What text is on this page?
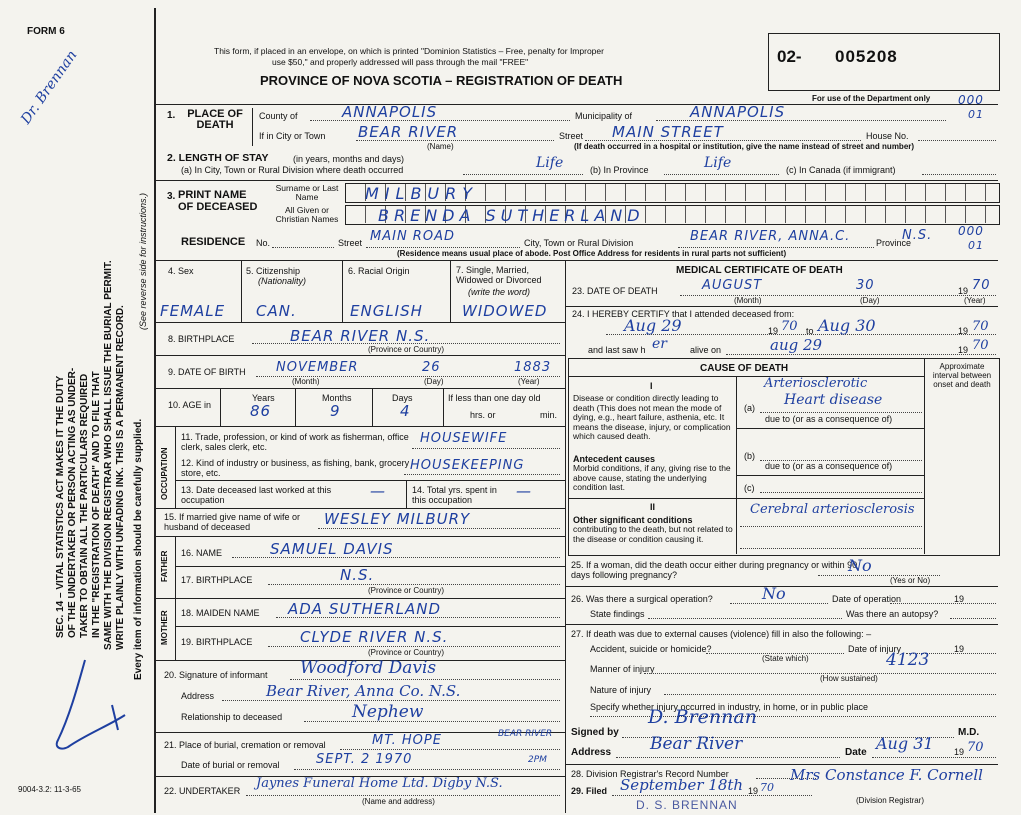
FORM 6
Dr. Brennan
SEC. 14 – VITAL STATISTICS ACT MAKES IT THE DUTY OF THE UNDERTAKER OR PERSON ACTING AS UNDER- TAKER TO OBTAIN ALL THE PARTICULARS REQUIRED IN THE "REGISTRATION OF DEATH" AND TO FILE THAT SAME WITH THE DIVISION REGISTRAR WHO SHALL ISSUE THE BURIAL PERMIT. WRITE PLAINLY WITH UNFADING INK. THIS IS A PERMANENT RECORD. Every item of information should be carefully supplied.
(See reverse side for instructions.)
9004-3.2: 11-3-65
This form, if placed in an envelope, on which is printed "Dominion Statistics – Free, penalty for Improper
use $50," and properly addressed will pass through the mail "FREE"
PROVINCE OF NOVA SCOTIA – REGISTRATION OF DEATH
02- 005208
For use of the Department only 000
01
1.	PLACE OF DEATH
County of	ANNAPOLIS	Municipality of	ANNAPOLIS
If in City or Town BEAR RIVER
(Name)
Street MAIN STREET	House No.
(If death occurred in a hospital or institution, give the name instead of street and number)
2. LENGTH OF STAY	(in years, months and days)
(a) In City, Town or Rural Division where death occurred	Life	(b) In Province	Life	(c) In Canada (if immigrant)
3. PRINT NAME OF DECEASED
Surname or Last Name
All Given or Christian Names
MILBURY
BRENDA SUTHERLAND
RESIDENCE No.	Street MAIN ROAD	City, Town or Rural Division	BEAR RIVER, ANNA.C.	Province
N.S. 000
01
(Residence means usual place of abode. Post Office Address for residents in rural parts not sufficient)
4. Sex	5. Citizenship
(Nationality)
6. Racial Origin	7. Single, Married, Widowed or Divorced
(write the word)
FEMALE CAN.	ENGLISH	WIDOWED
8. BIRTHPLACE	BEAR RIVER N.S.
(Province or Country)
9. DATE OF BIRTH NOVEMBER	26	1883
(Month)	(Day)	(Year)
10. AGE in
Years	Months	Days
86	9	4
If less than one day old
hrs. or	min.
OCCUPATION
11. Trade, profession, or kind of work as fisherman, office clerk, sales clerk, etc.
HOUSEWIFE
12. Kind of industry or business, as fishing, bank, grocery store, etc.	HOUSEKEEPING
13. Date deceased last worked at this occupation	—	14. Total yrs. spent in this occupation	—
15. If married give name of wife or husband of deceased	WESLEY MILBURY
FATHER 16. NAME	SAMUEL DAVIS
17. BIRTHPLACE	N.S.
(Province or Country)
MOTHER 18. MAIDEN NAME ADA SUTHERLAND
19. BIRTHPLACE	CLYDE RIVER N.S.
(Province or Country)
20. Signature of informant Woodford Davis
Address	Bear River, Anna Co. N.S.
Relationship to deceased	Nephew
21. Place of burial, cremation or removal	MT. HOPE	BEAR RIVER
Date of burial or removal	SEPT. 2 1970	2PM
22. UNDERTAKER Jaynes Funeral Home Ltd. Digby N.S.
(Name and address)
MEDICAL CERTIFICATE OF DEATH
23. DATE OF DEATH	AUGUST	30	19 70
(Month)	(Day)	(Year)
24. I HEREBY CERTIFY that I attended deceased from:
Aug 29	19 70 to Aug 30	19 70
and last saw h er	alive on	aug 29	19 70
CAUSE OF DEATH	Approximate interval between onset and death
I
Disease or condition directly leading to death (This does not mean the mode of dying, e.g., heart failure, asthenia, etc. It means the disease, injury, or complication which caused death.
(a)
Arteriosclerotic
Heart disease
due to (or as a consequence of)
Antecedent causes
Morbid conditions, if any, giving rise to the above cause, stating the underlying condition last.
(b)
due to (or as a consequence of)
(c)
II
Other significant conditions
contributing to the death, but not related to the disease or condition causing it.
Cerebral arteriosclerosis
25. If a woman, did the death occur either during pregnancy or within 90 days following pregnancy?	No
(Yes or No)
26. Was there a surgical operation?	No	Date of operation	19
State findings	Was there an autopsy?
27. If death was due to external causes (violence) fill in also the following: –
Accident, suicide or homicide?	Date of injury	19
(State which)
Manner of injury	4123
(How sustained)
Nature of injury
Specify whether injury occurred in industry, in home, or in public place
Signed by
D. Brennan
M.D.
Address Bear River	Date Aug 31 19 70
28. Division Registrar's Record Number
29. Filed September 18th 19 70
Mrs Constance F. Cornell
(Division Registrar)
D. S. BRENNAN
